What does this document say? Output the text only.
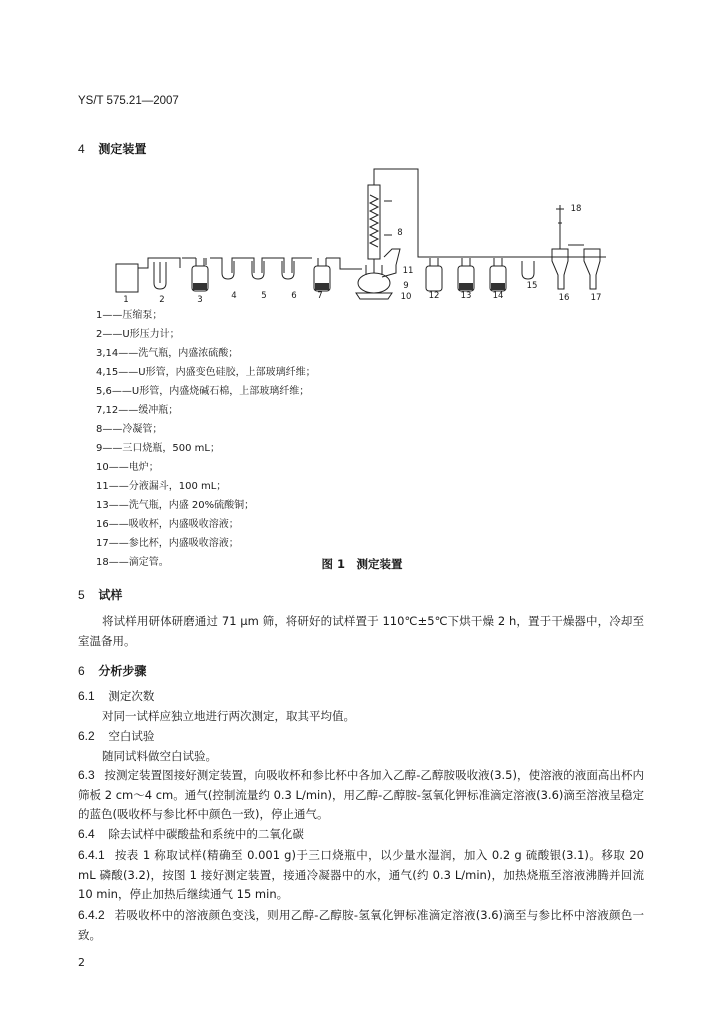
YS/T 575.21—2007
4 测定装置
1	2	3	4	5	6 7
8
9
10
11
12 13 14
15
16 17
18
1——压缩泵；
2——U形压力计；
3,14——洗气瓶，内盛浓硫酸；
4,15——U形管，内盛变色硅胶，上部玻璃纤维；
5,6——U形管，内盛烧碱石棉，上部玻璃纤维；
7,12——缓冲瓶；
8——冷凝管；
9——三口烧瓶，500 mL；
10——电炉；
11——分液漏斗，100 mL；
13——洗气瓶，内盛 20%硫酸铜；
16——吸收杯，内盛吸收溶液；
17——参比杯，内盛吸收溶液；
18——滴定管。	图 1　测定装置
5 试样
将试样用研体研磨通过 71 μm 筛，将研好的试样置于 110℃±5℃下烘干燥 2 h，置于干燥器中，冷却至室温备用。
6 分析步骤
6.1 测定次数
对同一试样应独立地进行两次测定，取其平均值。
6.2 空白试验
随同试料做空白试验。
6.3 按测定装置图接好测定装置，向吸收杯和参比杯中各加入乙醇-乙醇胺吸收液(3.5)，使溶液的液面高出杯内筛板 2 cm～4 cm。通气(控制流量约 0.3 L/min)，用乙醇-乙醇胺-氢氧化钾标准滴定溶液(3.6)滴至溶液呈稳定的蓝色(吸收杯与参比杯中颜色一致)，停止通气。
6.4 除去试样中碳酸盐和系统中的二氧化碳
6.4.1 按表 1 称取试样(精确至 0.001 g)于三口烧瓶中，以少量水湿润，加入 0.2 g 硫酸银(3.1)。移取 20 mL 磷酸(3.2)，按图 1 接好测定装置，接通冷凝器中的水，通气(约 0.3 L/min)，加热烧瓶至溶液沸腾并回流 10 min，停止加热后继续通气 15 min。
6.4.2 若吸收杯中的溶液颜色变浅，则用乙醇-乙醇胺-氢氧化钾标准滴定溶液(3.6)滴至与参比杯中溶液颜色一致。
2
